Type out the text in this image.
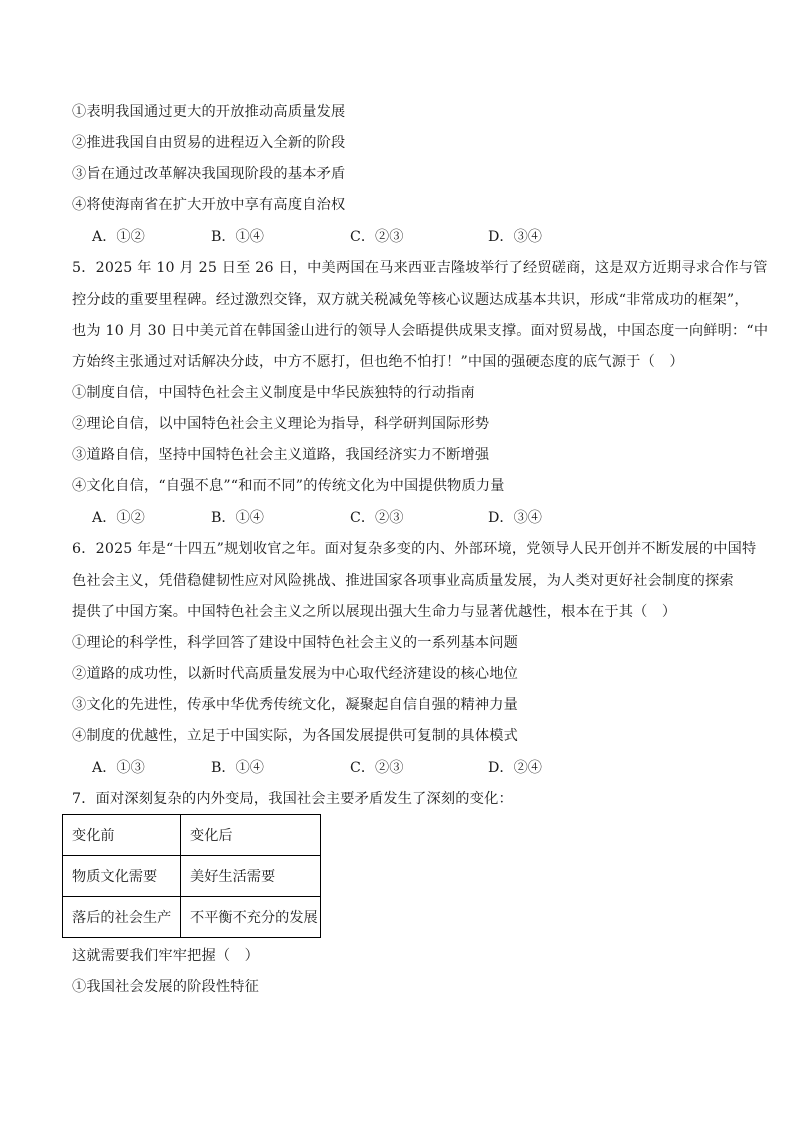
①表明我国通过更大的开放推动高质量发展
②推进我国自由贸易的进程迈入全新的阶段
③旨在通过改革解决我国现阶段的基本矛盾
④将使海南省在扩大开放中享有高度自治权
A．①②	B．①④	C．②③	D．③④
5．2025 年 10 月 25 日至 26 日，中美两国在马来西亚吉隆坡举行了经贸磋商，这是双方近期寻求合作与管
控分歧的重要里程碑。经过激烈交锋，双方就关税减免等核心议题达成基本共识，形成“非常成功的框架”，
也为 10 月 30 日中美元首在韩国釜山进行的领导人会晤提供成果支撑。面对贸易战，中国态度一向鲜明：“中
方始终主张通过对话解决分歧，中方不愿打，但也绝不怕打！”中国的强硬态度的底气源于（　）
①制度自信，中国特色社会主义制度是中华民族独特的行动指南
②理论自信，以中国特色社会主义理论为指导，科学研判国际形势
③道路自信，坚持中国特色社会主义道路，我国经济实力不断增强
④文化自信，“自强不息”“和而不同”的传统文化为中国提供物质力量
A．①②	B．①④	C．②③	D．③④
6．2025 年是“十四五”规划收官之年。面对复杂多变的内、外部环境，党领导人民开创并不断发展的中国特
色社会主义，凭借稳健韧性应对风险挑战、推进国家各项事业高质量发展，为人类对更好社会制度的探索
提供了中国方案。中国特色社会主义之所以展现出强大生命力与显著优越性，根本在于其（　）
①理论的科学性，科学回答了建设中国特色社会主义的一系列基本问题
②道路的成功性，以新时代高质量发展为中心取代经济建设的核心地位
③文化的先进性，传承中华优秀传统文化，凝聚起自信自强的精神力量
④制度的优越性，立足于中国实际，为各国发展提供可复制的具体模式
A．①③	B．①④	C．②③	D．②④
7．面对深刻复杂的内外变局，我国社会主要矛盾发生了深刻的变化：
变化前	变化后
物质文化需要	美好生活需要
落后的社会生产	不平衡不充分的发展
这就需要我们牢牢把握（　）
①我国社会发展的阶段性特征
